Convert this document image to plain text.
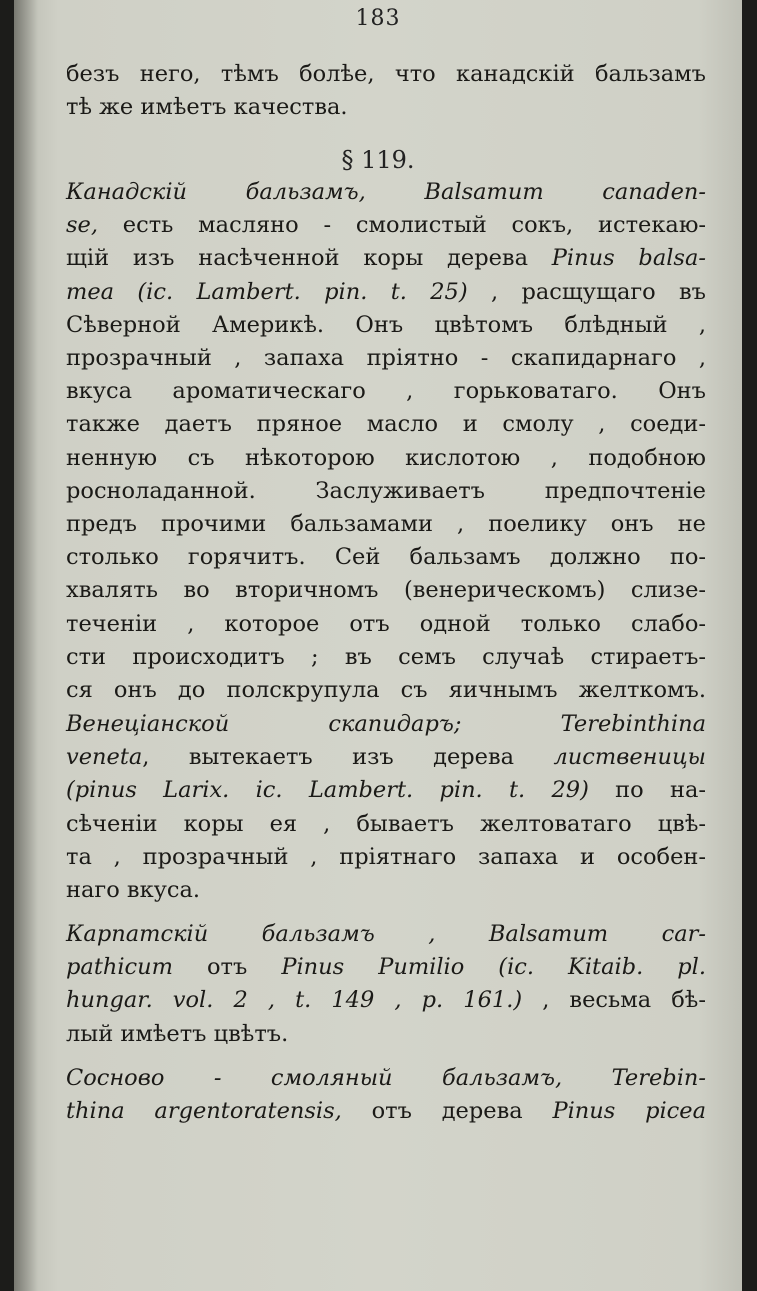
183
безъ него, тѣмъ болѣе, что канадскій бальзамъ
тѣ же имѣетъ качества.
§ 119.
Канадскій бальзамъ,	Balsamum canaden-
se, есть масляно - смолистый сокъ, истекаю-
щій изъ насѣченной коры дерева Pinus balsa-
mea (ic. Lambert. pin. t. 25) , расщущаго въ
Сѣверной Америкѣ. Онъ цвѣтомъ блѣдный ,
прозрачный , запаха пріятно - скапидарнаго ,
вкуса ароматическаго , горьковатаго. Онъ
также даетъ пряное масло и смолу , соеди-
ненную съ нѣкоторою кислотою , подобною
росноладанной. Заслуживаетъ предпочтеніе
предъ прочими бальзамами , поелику онъ не
столько горячитъ. Сей бальзамъ должно по-
хвалять во вторичномъ (венерическомъ) слизе-
теченіи , которое отъ одной только слабо-
сти происходитъ ; въ семъ случаѣ стираетъ-
ся онъ до полскрупула съ яичнымъ желткомъ.
Венеціанской скапидаръ;	Terebinthina
veneta, вытекаетъ изъ дерева лиственицы
(pinus Larix. ic. Lambert. pin. t. 29) по на-
сѣченіи коры ея , бываетъ желтоватаго цвѣ-
та , прозрачный , пріятнаго запаха и особен-
наго вкуса.
Карпатскій бальзамъ , Balsamum car-
pathicum отъ Pinus Pumilio (ic. Kitaib. pl.
hungar. vol. 2 , t. 149 , p. 161.) , весьма бѣ-
лый имѣетъ цвѣтъ.
Сосново - смоляный бальзамъ, Terebin-
thina argentoratensis, отъ дерева Pinus picea
